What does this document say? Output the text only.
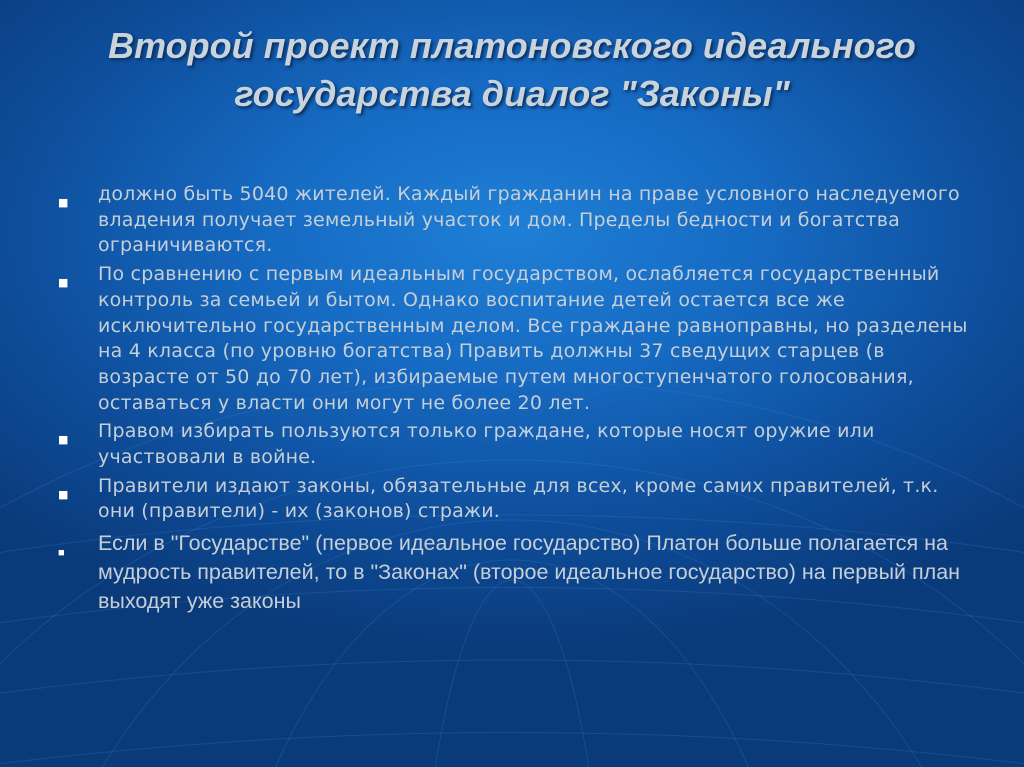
Второй проект платоновского идеального государства диалог "Законы"
■	должно быть 5040 жителей. Каждый гражданин на праве условного наследуемого владения получает земельный участок и дом. Пределы бедности и богатства ограничиваются.
■	По сравнению с первым идеальным государством, ослабляется государственный контроль за семьей и бытом. Однако воспитание детей остается все же исключительно государственным делом. Все граждане равноправны, но разделены на 4 класса (по уровню богатства) Править должны 37 сведущих старцев (в возрасте от 50 до 70 лет), избираемые путем многоступенчатого голосования, оставаться у власти они могут не более 20 лет.
■	Правом избирать пользуются только граждане, которые носят оружие или участвовали в войне.
■	Правители издают законы, обязательные для всех, кроме самих правителей, т.к. они (правители) - их (законов) стражи.
■	Если в "Государстве" (первое идеальное государство) Платон больше полагается на мудрость правителей, то в "Законах" (второе идеальное государство) на первый план выходят уже законы
